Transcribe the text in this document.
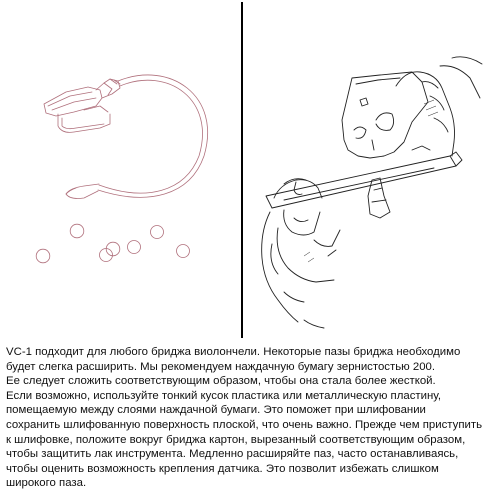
VC-1 подходит для любого бриджа виолончели. Некоторые пазы бриджа необходимо

будет слегка расширить. Мы рекомендуем наждачную бумагу зернистостью 200.

Ее следует сложить соответствующим образом, чтобы она стала более жесткой.

Если возможно, используйте тонкий кусок пластика или металлическую пластину,

помещаемую между слоями наждачной бумаги. Это поможет при шлифовании

сохранить шлифованную поверхность плоской, что очень важно. Прежде чем приступить

к шлифовке, положите вокруг бриджа картон, вырезанный соответствующим образом,

чтобы защитить лак инструмента. Медленно расширяйте паз, часто останавливаясь,

чтобы оценить возможность крепления датчика. Это позволит избежать слишком

широкого паза.
